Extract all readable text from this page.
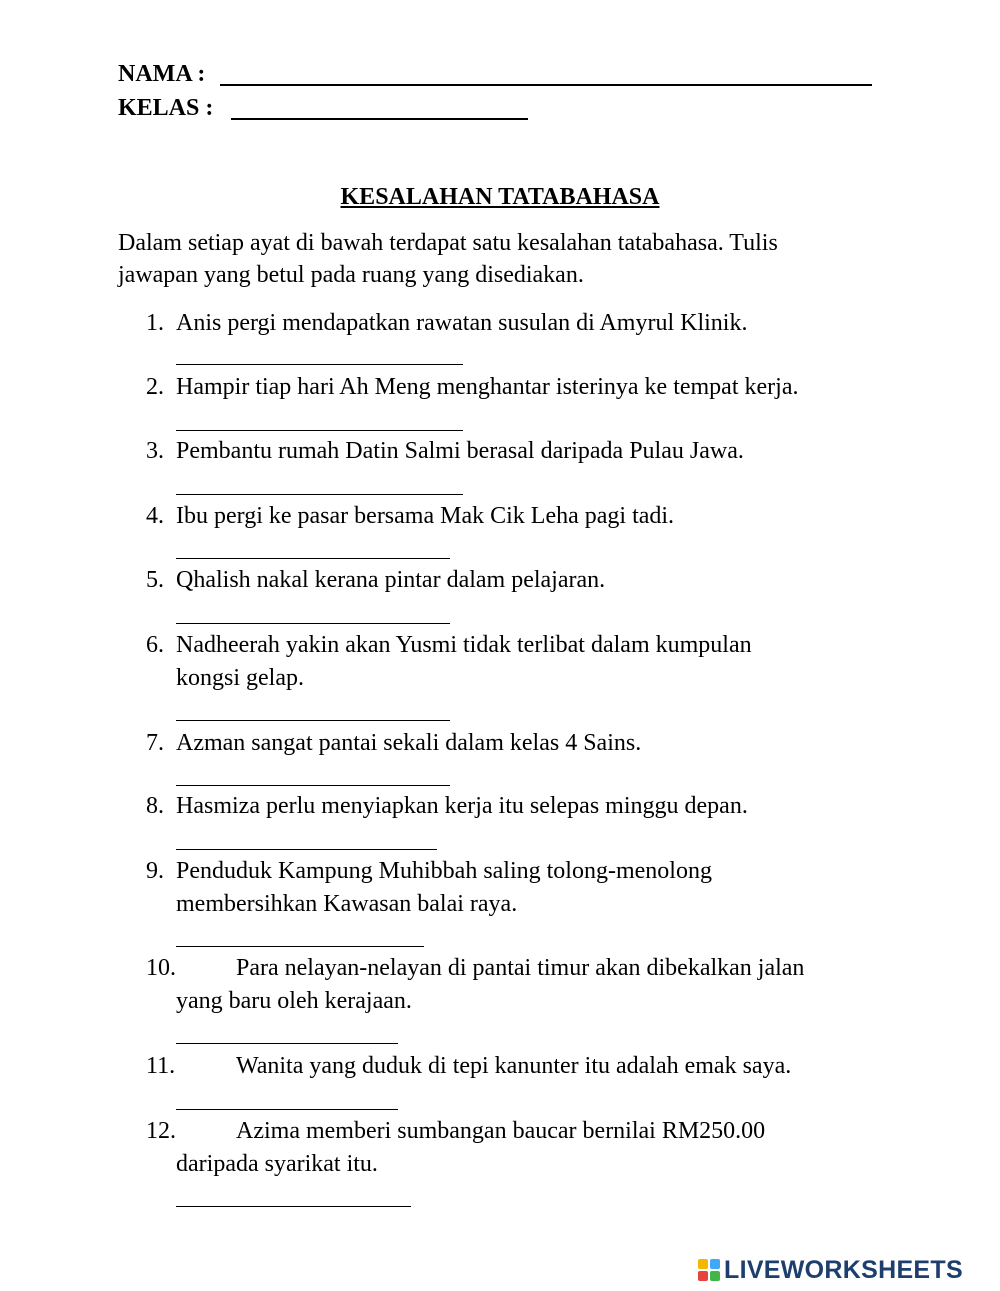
NAMA :
KELAS :
KESALAHAN TATABAHASA
Dalam setiap ayat di bawah terdapat satu kesalahan tatabahasa. Tulis
jawapan yang betul pada ruang yang disediakan.
1. Anis pergi mendapatkan rawatan susulan di Amyrul Klinik.
2. Hampir tiap hari Ah Meng menghantar isterinya ke tempat kerja.
3. Pembantu rumah Datin Salmi berasal daripada Pulau Jawa.
4. Ibu pergi ke pasar bersama Mak Cik Leha pagi tadi.
5. Qhalish nakal kerana pintar dalam pelajaran.
6. Nadheerah yakin akan Yusmi tidak terlibat dalam kumpulan
kongsi gelap.
7. Azman sangat pantai sekali dalam kelas 4 Sains.
8. Hasmiza perlu menyiapkan kerja itu selepas minggu depan.
9. Penduduk Kampung Muhibbah saling tolong-menolong
membersihkan Kawasan balai raya.
10.	Para nelayan-nelayan di pantai timur akan dibekalkan jalan
yang baru oleh kerajaan.
11.	Wanita yang duduk di tepi kanunter itu adalah emak saya.
12.	Azima memberi sumbangan baucar bernilai RM250.00
daripada syarikat itu.
LIVEWORKSHEETS
